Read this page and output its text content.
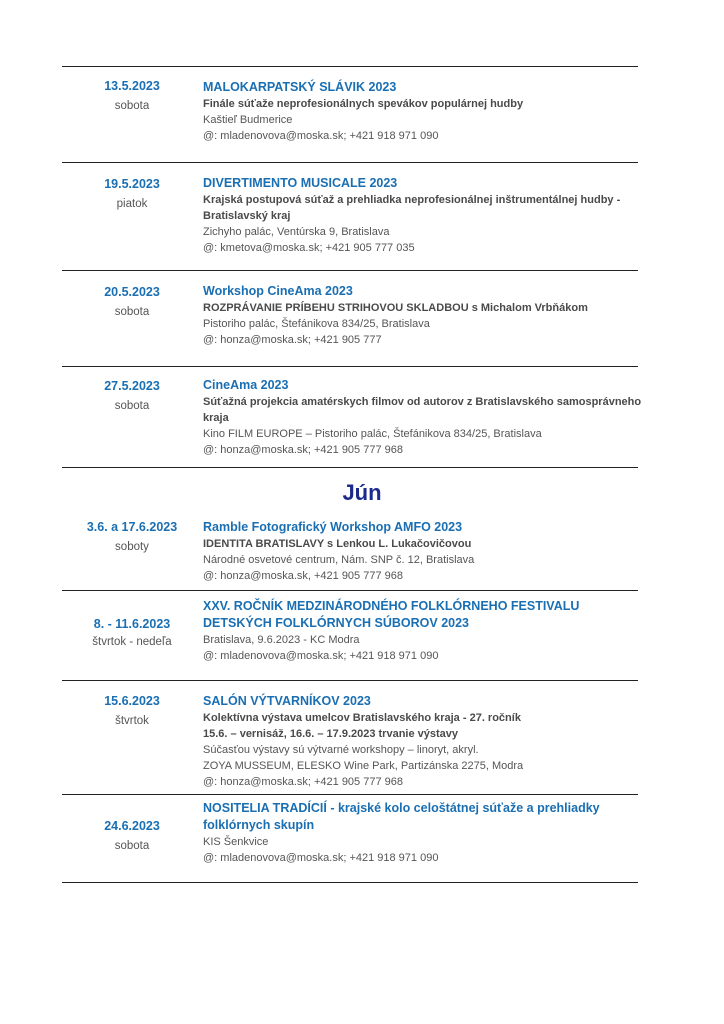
13.5.2023
sobota
MALOKARPATSKÝ SLÁVIK 2023
Finále súťaže neprofesionálnych spevákov populárnej hudby
Kaštieľ Budmerice
@: mladenovova@moska.sk; +421 918 971 090
19.5.2023
piatok
DIVERTIMENTO MUSICALE 2023
Krajská postupová súťaž a prehliadka neprofesionálnej inštrumentálnej hudby - Bratislavský kraj
Zichyho palác, Ventúrska 9, Bratislava
@: kmetova@moska.sk; +421 905 777 035
20.5.2023
sobota
Workshop CineAma 2023
ROZPRÁVANIE PRÍBEHU STRIHOVOU SKLADBOU s Michalom Vrbňákom
Pistoriho palác, Štefánikova 834/25, Bratislava
@: honza@moska.sk; +421 905 777
27.5.2023
sobota
CineAma 2023
Súťažná projekcia amatérskych filmov od autorov z Bratislavského samosprávneho kraja
Kino FILM EUROPE – Pistoriho palác, Štefánikova 834/25, Bratislava
@: honza@moska.sk; +421 905 777 968
Jún
3.6. a 17.6.2023
soboty
Ramble Fotografický Workshop AMFO 2023
IDENTITA BRATISLAVY s Lenkou L. Lukačovičovou
Národné osvetové centrum, Nám. SNP č. 12, Bratislava
@: honza@moska.sk, +421 905 777 968
8. - 11.6.2023
štvrtok - nedeľa
XXV. ROČNÍK MEDZINÁRODNÉHO FOLKLÓRNEHO FESTIVALU DETSKÝCH FOLKLÓRNYCH SÚBOROV 2023
Bratislava, 9.6.2023 - KC Modra
@: mladenovova@moska.sk; +421 918 971 090
15.6.2023
štvrtok
SALÓN VÝTVARNÍKOV 2023
Kolektívna výstava umelcov Bratislavského kraja - 27. ročník
15.6. – vernisáž, 16.6. – 17.9.2023 trvanie výstavy
Súčasťou výstavy sú výtvarné workshopy – linoryt, akryl.
ZOYA MUSSEUM, ELESKO Wine Park, Partizánska 2275, Modra
@: honza@moska.sk; +421 905 777 968
24.6.2023
sobota
NOSITELIA TRADÍCIÍ - krajské kolo celoštátnej súťaže a prehliadky folklórnych skupín
KIS Šenkvice
@: mladenovova@moska.sk; +421 918 971 090
